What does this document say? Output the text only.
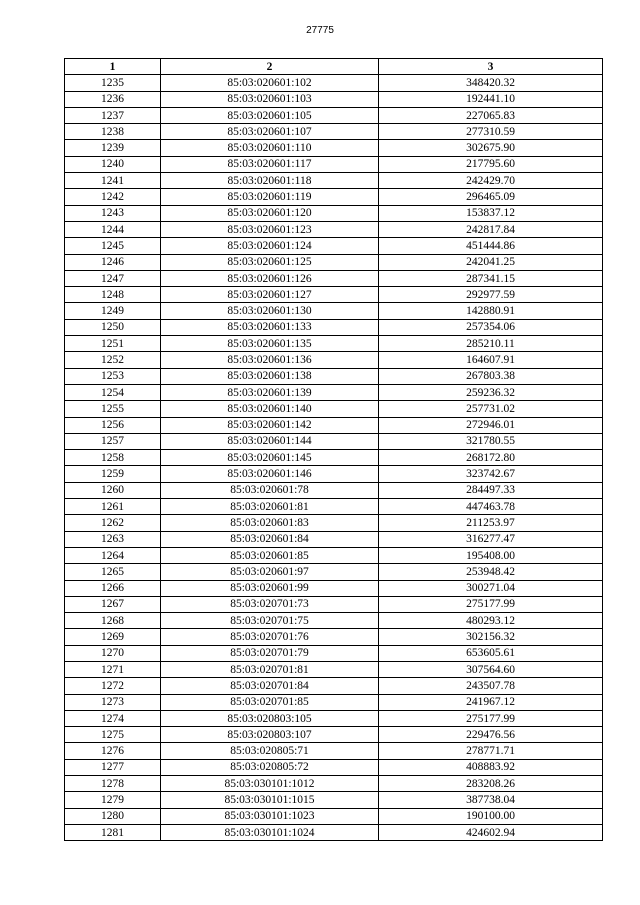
27775
1	2	3
1235	85:03:020601:102	348420.32
1236	85:03:020601:103	192441.10
1237	85:03:020601:105	227065.83
1238	85:03:020601:107	277310.59
1239	85:03:020601:110	302675.90
1240	85:03:020601:117	217795.60
1241	85:03:020601:118	242429.70
1242	85:03:020601:119	296465.09
1243	85:03:020601:120	153837.12
1244	85:03:020601:123	242817.84
1245	85:03:020601:124	451444.86
1246	85:03:020601:125	242041.25
1247	85:03:020601:126	287341.15
1248	85:03:020601:127	292977.59
1249	85:03:020601:130	142880.91
1250	85:03:020601:133	257354.06
1251	85:03:020601:135	285210.11
1252	85:03:020601:136	164607.91
1253	85:03:020601:138	267803.38
1254	85:03:020601:139	259236.32
1255	85:03:020601:140	257731.02
1256	85:03:020601:142	272946.01
1257	85:03:020601:144	321780.55
1258	85:03:020601:145	268172.80
1259	85:03:020601:146	323742.67
1260	85:03:020601:78	284497.33
1261	85:03:020601:81	447463.78
1262	85:03:020601:83	211253.97
1263	85:03:020601:84	316277.47
1264	85:03:020601:85	195408.00
1265	85:03:020601:97	253948.42
1266	85:03:020601:99	300271.04
1267	85:03:020701:73	275177.99
1268	85:03:020701:75	480293.12
1269	85:03:020701:76	302156.32
1270	85:03:020701:79	653605.61
1271	85:03:020701:81	307564.60
1272	85:03:020701:84	243507.78
1273	85:03:020701:85	241967.12
1274	85:03:020803:105	275177.99
1275	85:03:020803:107	229476.56
1276	85:03:020805:71	278771.71
1277	85:03:020805:72	408883.92
1278	85:03:030101:1012	283208.26
1279	85:03:030101:1015	387738.04
1280	85:03:030101:1023	190100.00
1281	85:03:030101:1024	424602.94
